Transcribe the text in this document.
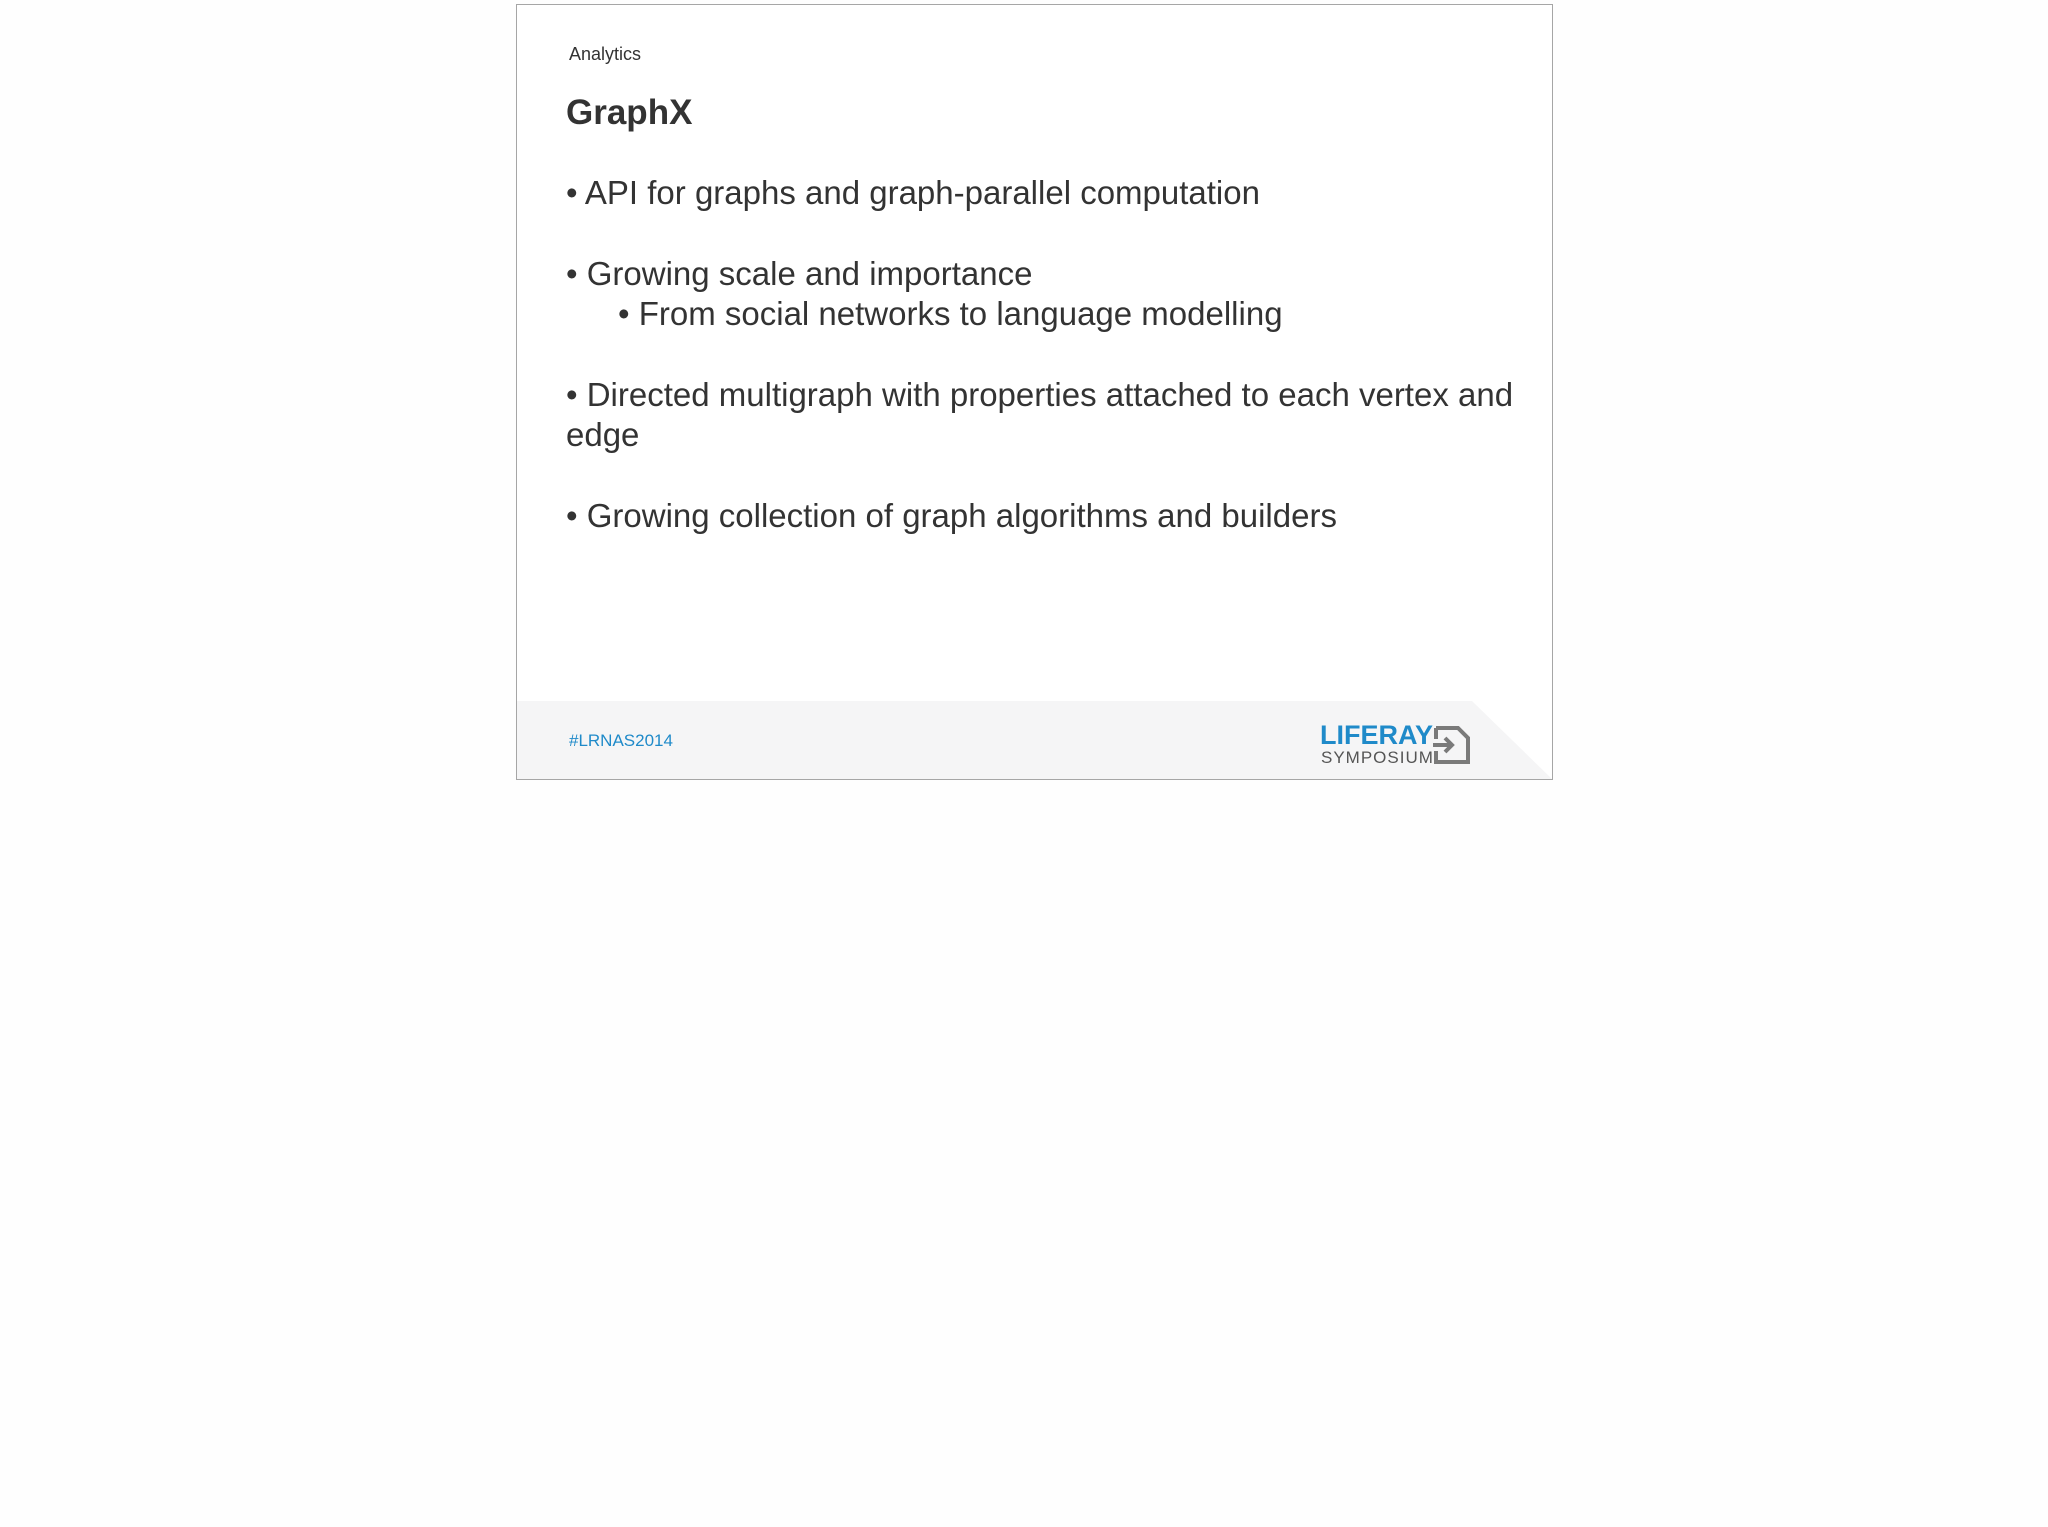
Analytics
GraphX
• API for graphs and graph-parallel computation
• Growing scale and importance
• From social networks to language modelling
• Directed multigraph with properties attached to each vertex and edge
• Growing collection of graph algorithms and builders
#LRNAS2014	LIFERAY
SYMPOSIUM
